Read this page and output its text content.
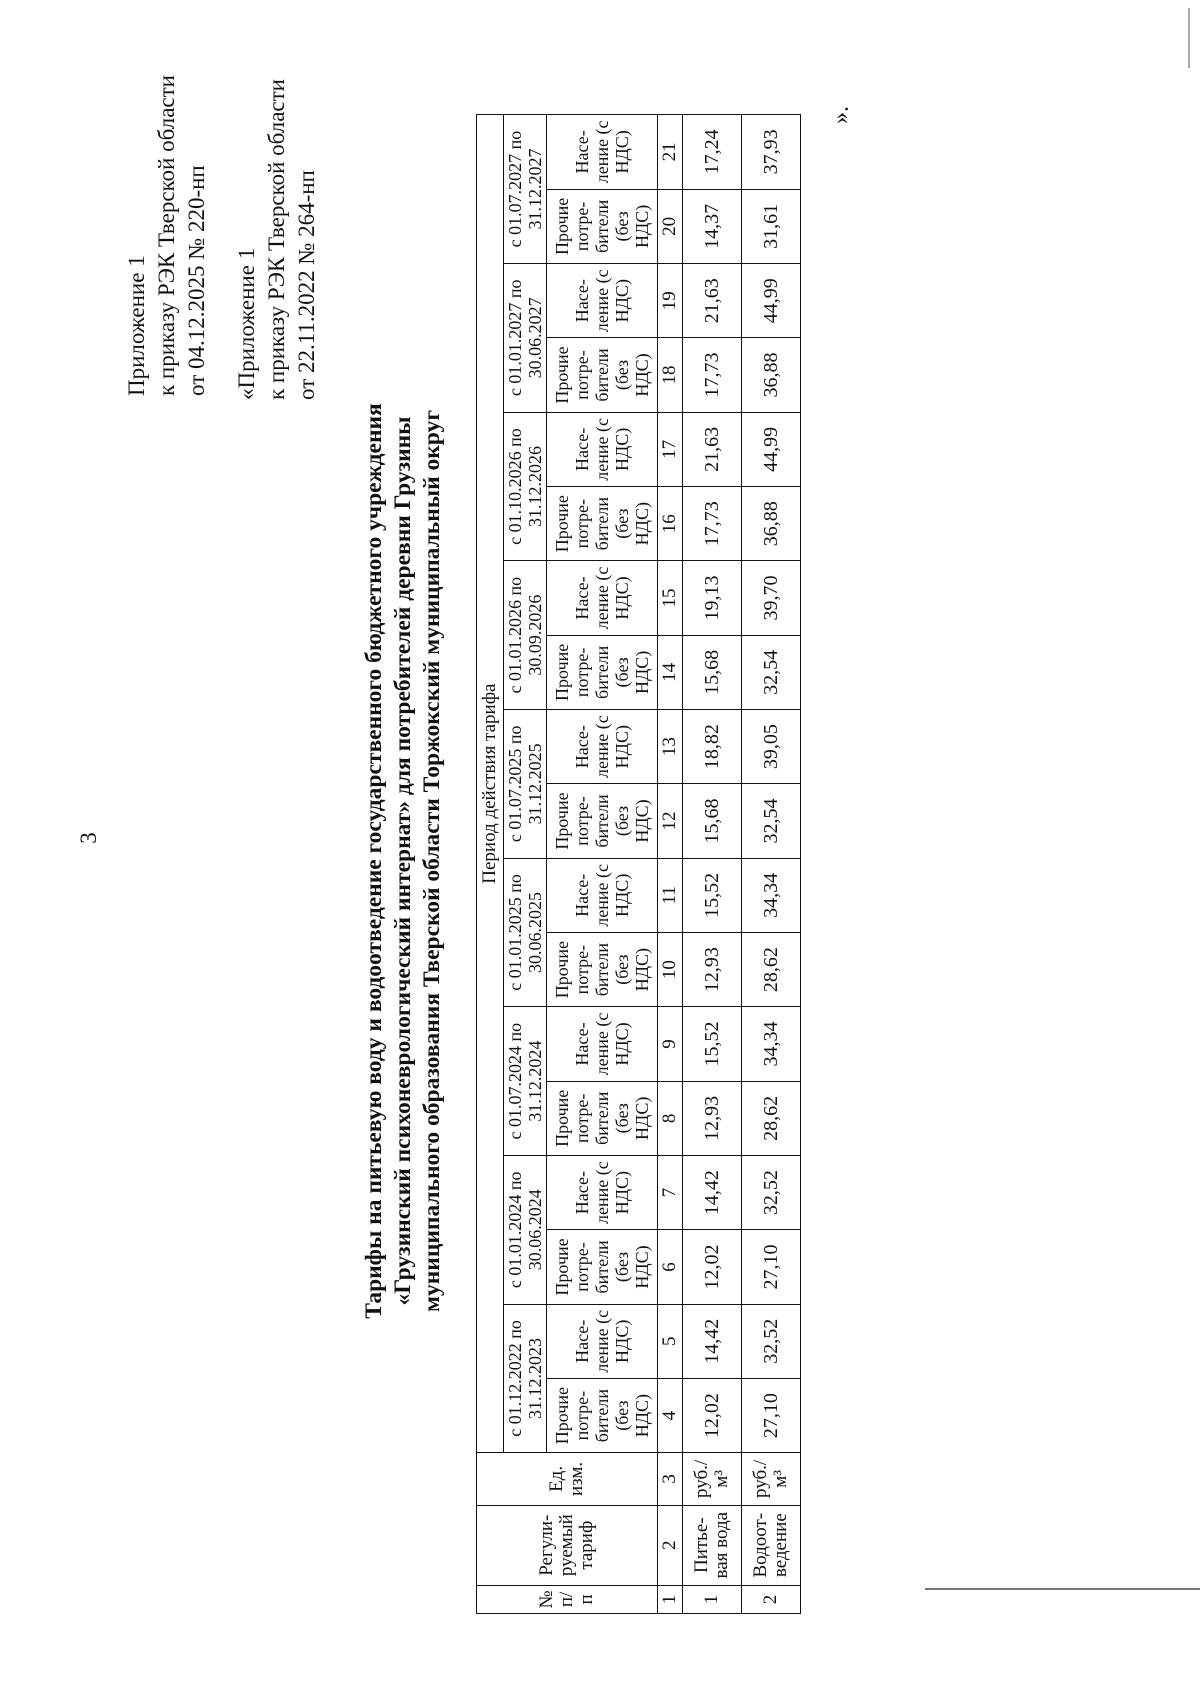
3
Приложение 1 к приказу РЭК Тверской области от 04.12.2025 № 220-нп «Приложение 1 к приказу РЭК Тверской области от 22.11.2022 № 264-нп
Тарифы на питьевую воду и водоотведение государственного бюджетного учреждения «Грузинский психоневрологический интернат» для потребителей деревни Грузины муниципального образования Тверской области Торжокский муниципальный округ
№ п/п	Регули-руемый тариф	Ед. изм.	Период действия тарифа																	
			с 01.12.2022 по 31.12.2023		с 01.01.2024 по 30.06.2024		с 01.07.2024 по 31.12.2024		с 01.01.2025 по 30.06.2025		с 01.07.2025 по 31.12.2025		с 01.01.2026 по 30.09.2026		с 01.10.2026 по 31.12.2026		с 01.01.2027 по 30.06.2027		с 01.07.2027 по 31.12.2027	
			Прочие потре-бители (без НДС)	Насе-ление (с НДС)	Прочие потре-бители (без НДС)	Насе-ление (с НДС)	Прочие потре-бители (без НДС)	Насе-ление (с НДС)	Прочие потре-бители (без НДС)	Насе-ление (с НДС)	Прочие потре-бители (без НДС)	Насе-ление (с НДС)	Прочие потре-бители (без НДС)	Насе-ление (с НДС)	Прочие потре-бители (без НДС)	Насе-ление (с НДС)	Прочие потре-бители (без НДС)	Насе-ление (с НДС)	Прочие потре-бители (без НДС)	Насе-ление (с НДС)
1	2	3	4	5	6	7	8	9	10	11	12	13	14	15	16	17	18	19	20	21
1	Питье-вая вода	руб./м³	12,02	14,42	12,02	14,42	12,93	15,52	12,93	15,52	15,68	18,82	15,68	19,13	17,73	21,63	17,73	21,63	14,37	17,24
2	Водоот-ведение	руб./м³	27,10	32,52	27,10	32,52	28,62	34,34	28,62	34,34	32,54	39,05	32,54	39,70	36,88	44,99	36,88	44,99	31,61	37,93
».
